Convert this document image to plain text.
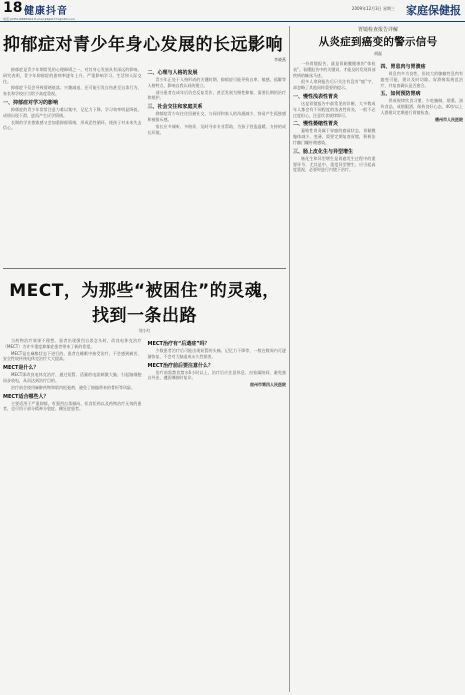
18 健康抖音	2009年12月3日 星期三 家庭保健报
电话:(0351)8885002 E-mail:jtbjb0771@163.com
抑郁症对青少年身心发展的长远影响
李晓燕

抑郁症是青少年期常见的心理障碍之一，对其身心发展具有深远的影响。研究表明，青少年抑郁症的患病率逐年上升，严重影响学习、生活和人际交往。

抑郁症不仅会导致情绪低落、兴趣减退，还可能引发自伤甚至自杀行为，家长和学校应当给予高度重视。

一、抑郁症对学习的影响

抑郁症的青少年常常注意力难以集中，记忆力下降，学习效率明显降低，成绩出现下滑，进而产生厌学情绪。

长期的学业挫败感又会加重抑郁情绪，形成恶性循环，使孩子对未来失去信心。

二、心理与人格的发展

青少年正处于人格形成的关键时期，抑郁症可能导致自卑、敏感、孤僻等人格特点，影响自我认同的建立。

部分患者在成年后仍会反复发作，甚至发展为慢性抑郁，需要长期的治疗和照护。

三、社会交往和家庭关系

抑郁症青少年往往回避社交，与同伴和家人的沟通减少，容易产生孤独感和被排斥感。

家长应多倾听、多陪伴，及时寻求专业帮助，为孩子营造温暖、支持的成长环境。

MECT，为那些“被困住”的灵魂，找到一条出路
刘小红

当药物治疗效果不理想、患者出现强烈自杀念头时，改良电休克治疗（MECT）为许多重度抑郁症患者带来了新的希望。

MECT是在麻醉状态下进行的，患者在睡眠中接受治疗，不会感到痛苦，安全性较传统电休克治疗大大提高。

MECT是什么？

MECT即改良电休克治疗，通过短暂、适量的电流刺激大脑，引起脑细胞同步放电，从而达到治疗目的。

治疗前会使用麻醉药物和肌肉松弛剂，避免了抽搐带来的骨折等风险。

MECT适合哪些人？

主要适用于严重抑郁、有强烈自杀倾向、拒食拒药以及药物治疗无效的患者，也可用于部分精神分裂症、躁狂症患者。

MECT治疗有“后遗症”吗？

少数患者治疗后可能出现短暂的头痛、记忆力下降等，一般在数周内可逐渐恢复，不会对大脑造成永久性损害。

MECT治疗前后要注意什么？

治疗前需禁食禁水6小时以上，治疗后应注意休息，由家属陪同，避免独自外出，遵医嘱按时复诊。

宿州市第四人民医院
胃镜检查报告详解
从炎症到癌变的警示信号
胡磊

一份胃镜报告，就是胃黏膜健康的“体检表”。看懂报告中的关键词，才能及时发现胃部疾病的蛛丝马迹。

很多人拿到报告后只关注有没有“癌”字，却忽略了其他同样重要的提示。

一、慢性浅表性胃炎

这是胃镜报告中最常见的诊断，大多数成年人都会有不同程度的浅表性胃炎，一般不必过度担心，注意饮食规律即可。

二、慢性萎缩性胃炎

萎缩性胃炎属于胃癌的癌前状态，胃黏膜腺体减少、变薄，需要定期复查胃镜，积极治疗幽门螺杆菌感染。

三、肠上皮化生与异型增生

肠化生和异型增生是胃癌发生过程中的重要环节，尤其是中、重度异型增生，应引起高度重视，必要时进行内镜下治疗。

四、胃息肉与胃溃疡

胃息肉多为良性，但较大的腺瘤性息肉有癌变可能，建议及时切除。胃溃疡需规范治疗，并复查确认是否愈合。

五、如何预防胃病

养成规律饮食习惯，少吃腌制、烟熏、油炸食品，戒烟限酒，保持良好心态。40岁以上人群建议定期进行胃镜检查。

德州市人民医院
